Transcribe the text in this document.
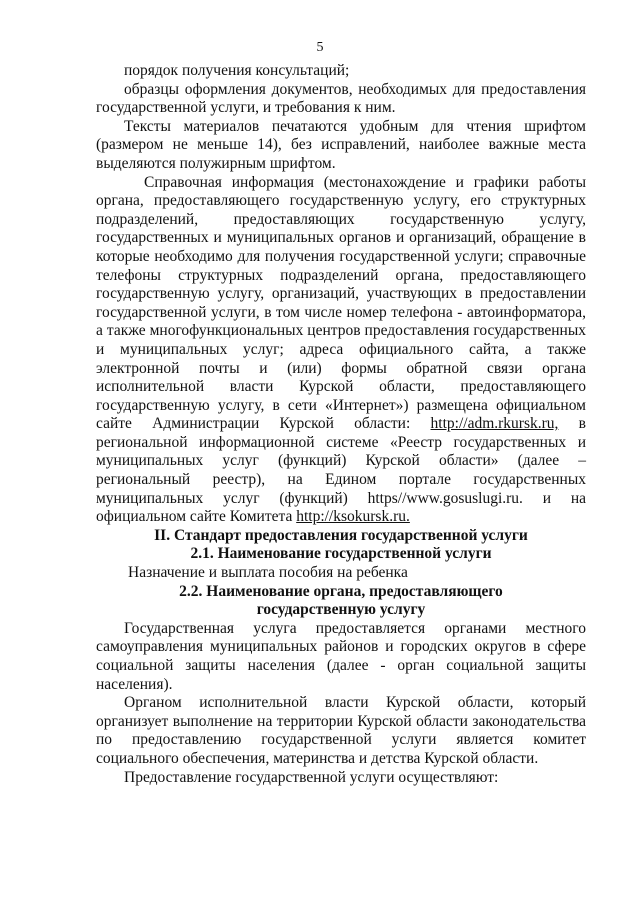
5

порядок получения консультаций;

образцы оформления документов, необходимых для предоставления государственной услуги, и требования к ним.

Тексты материалов печатаются удобным для чтения шрифтом (размером не меньше 14), без исправлений, наиболее важные места выделяются полужирным шрифтом.

Справочная информация (местонахождение и графики работы органа, предоставляющего государственную услугу, его структурных подразделений, предоставляющих государственную услугу, государственных и муниципальных органов и организаций, обращение в которые необходимо для получения государственной услуги; справочные телефоны структурных подразделений органа, предоставляющего государственную услугу, организаций, участвующих в предоставлении государственной услуги, в том числе номер телефона - автоинформатора, а также многофункциональных центров предоставления государственных и муниципальных услуг; адреса официального сайта, а также электронной почты и (или) формы обратной связи органа исполнительной власти Курской области, предоставляющего государственную услугу, в сети «Интернет») размещена официальном сайте Администрации Курской области: http://adm.rkursk.ru, в региональной информационной системе «Реестр государственных и муниципальных услуг (функций) Курской области» (далее – региональный реестр), на Едином портале государственных муниципальных услуг (функций) https//www.gosuslugi.ru. и на официальном сайте Комитета http://ksokursk.ru.

II. Стандарт предоставления государственной услуги

2.1. Наименование государственной услуги

Назначение и выплата пособия на ребенка

2.2. Наименование органа, предоставляющего
государственную услугу

Государственная услуга предоставляется органами местного самоуправления муниципальных районов и городских округов в сфере социальной защиты населения (далее - орган социальной защиты населения).

Органом исполнительной власти Курской области, который организует выполнение на территории Курской области законодательства по предоставлению государственной услуги является комитет социального обеспечения, материнства и детства Курской области.

Предоставление государственной услуги осуществляют:
